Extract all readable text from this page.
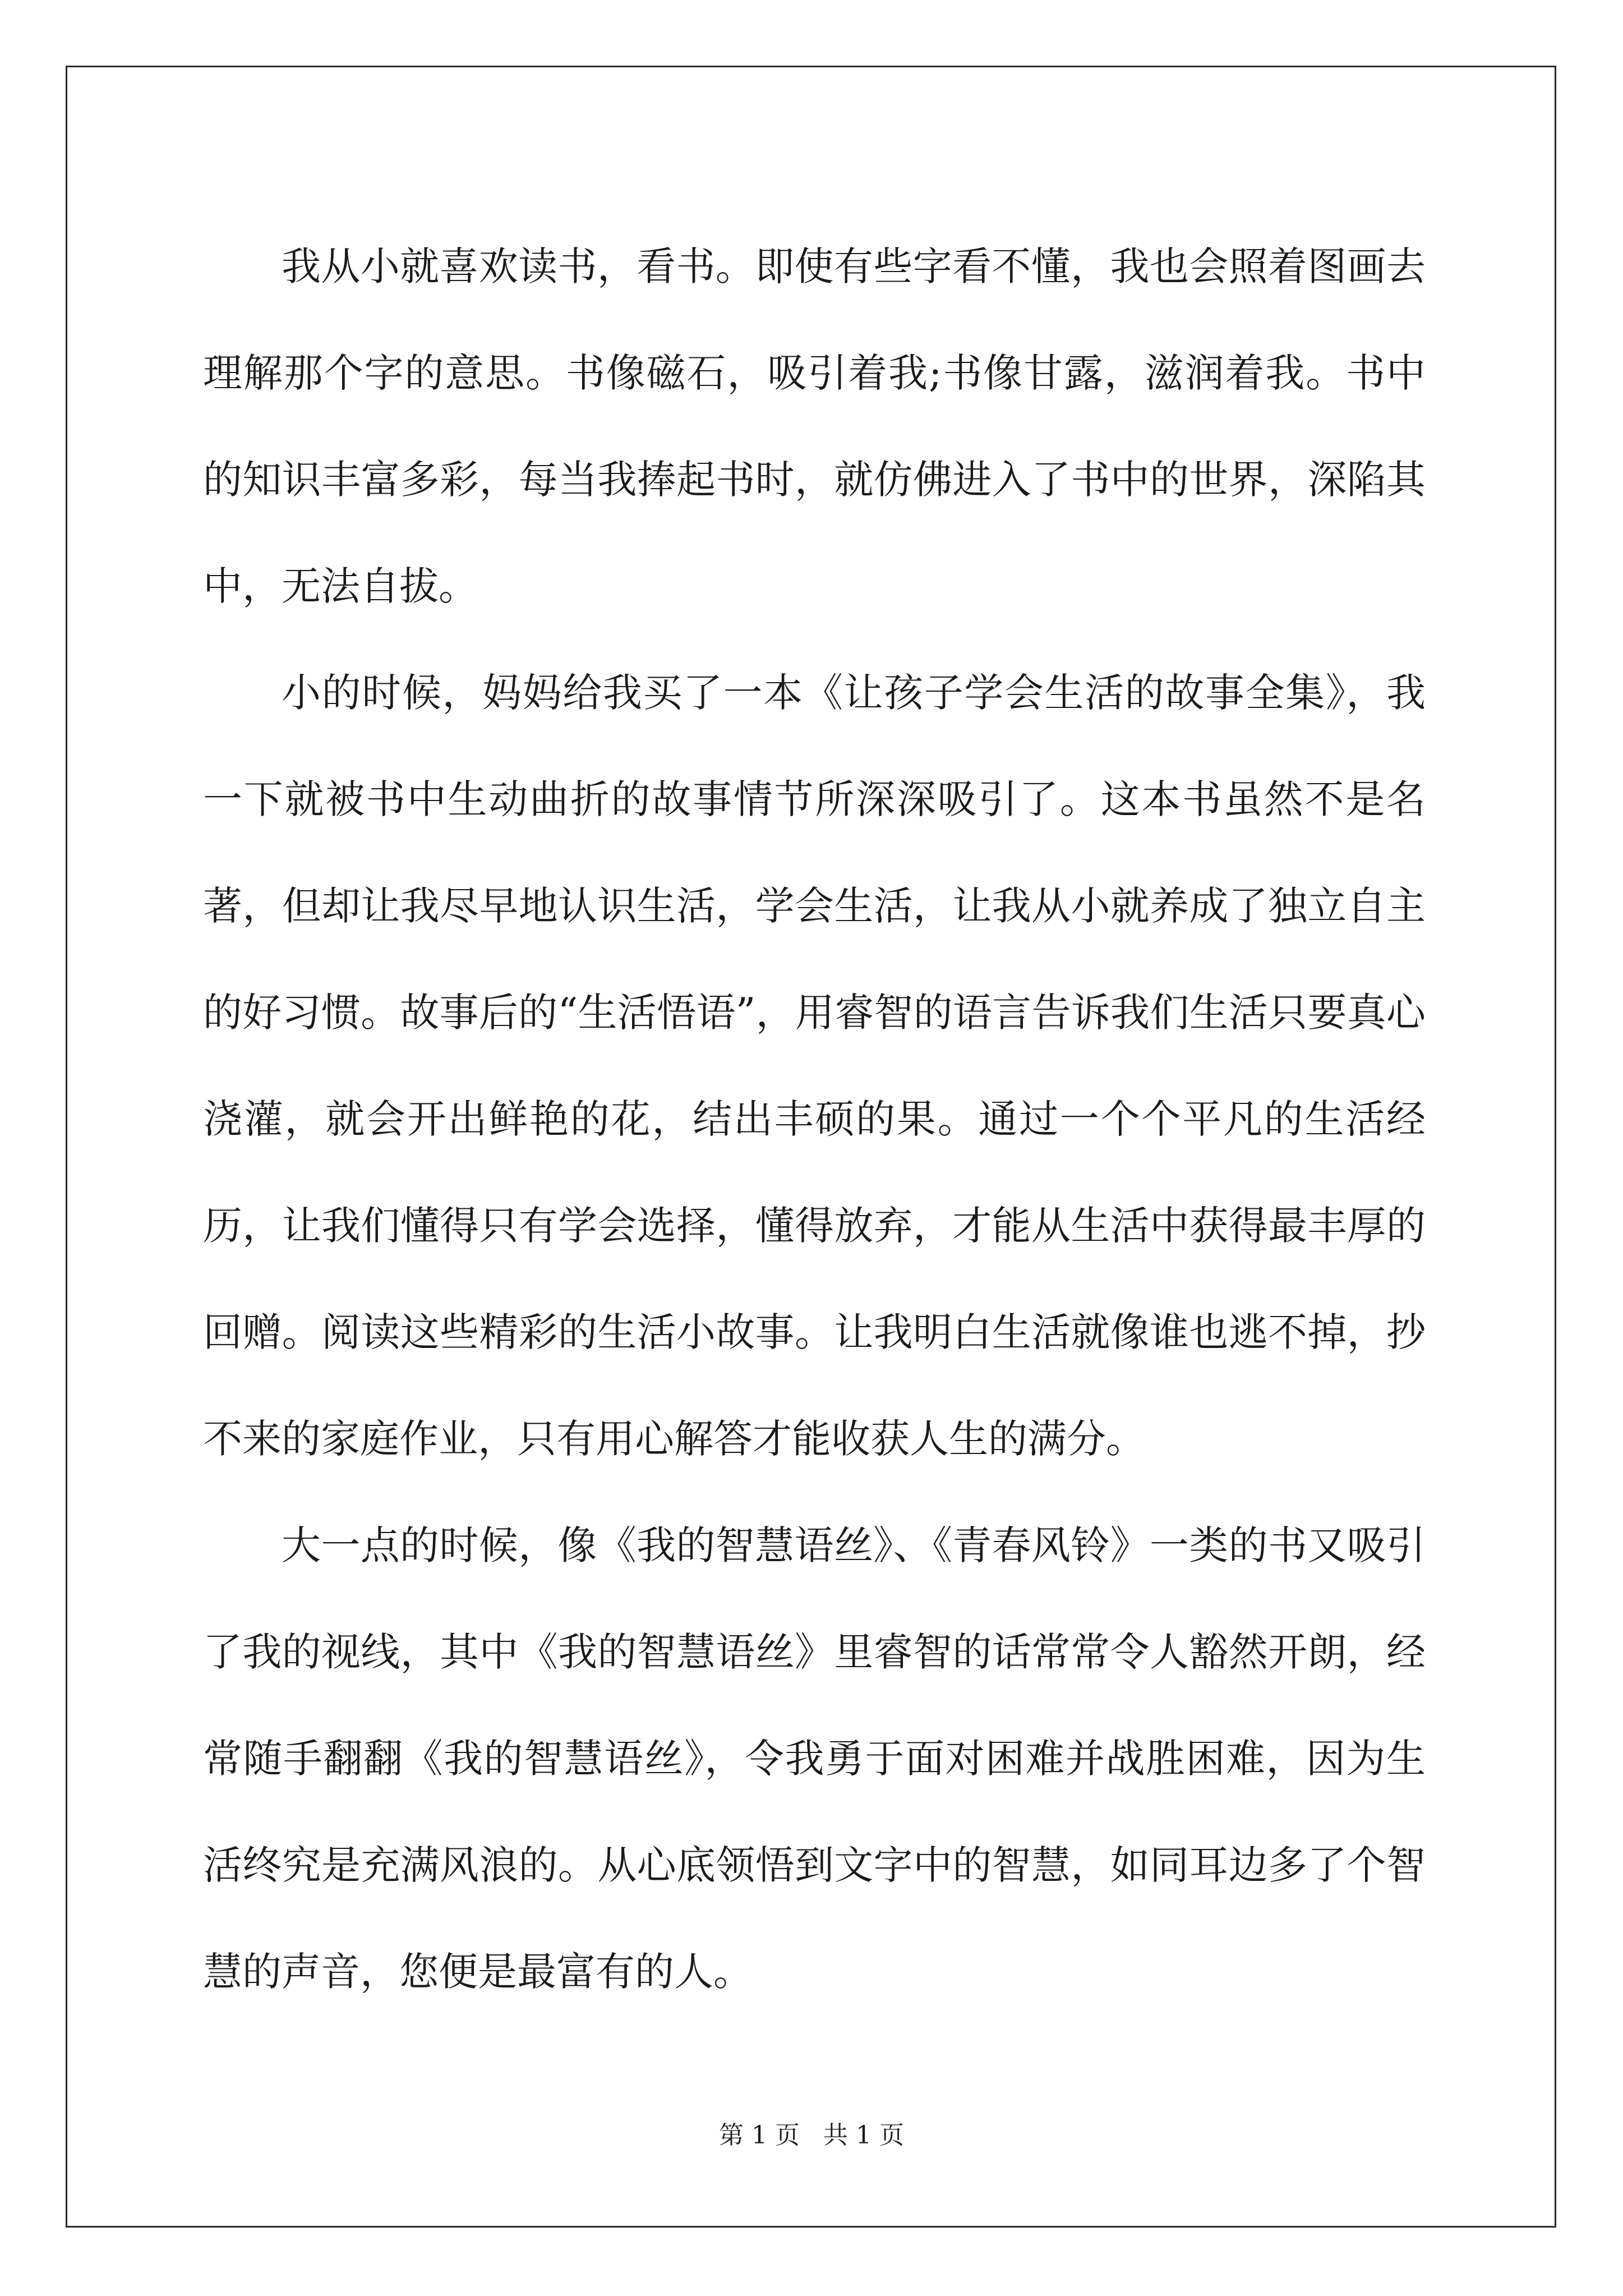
我从小就喜欢读书，看书。即使有些字看不懂，我也会照着图画去理解那个字的意思。书像磁石，吸引着我;书像甘露，滋润着我。书中的知识丰富多彩，每当我捧起书时，就仿佛进入了书中的世界，深陷其中，无法自拔。

小的时候，妈妈给我买了一本《让孩子学会生活的故事全集》，我一下就被书中生动曲折的故事情节所深深吸引了。这本书虽然不是名著，但却让我尽早地认识生活，学会生活，让我从小就养成了独立自主的好习惯。故事后的“生活悟语”，用睿智的语言告诉我们生活只要真心浇灌，就会开出鲜艳的花，结出丰硕的果。通过一个个平凡的生活经历，让我们懂得只有学会选择，懂得放弃，才能从生活中获得最丰厚的回赠。阅读这些精彩的生活小故事。让我明白生活就像谁也逃不掉，抄不来的家庭作业，只有用心解答才能收获人生的满分。

大一点的时候，像《我的智慧语丝》、《青春风铃》一类的书又吸引了我的视线，其中《我的智慧语丝》里睿智的话常常令人豁然开朗，经常随手翻翻《我的智慧语丝》，令我勇于面对困难并战胜困难，因为生活终究是充满风浪的。从心底领悟到文字中的智慧，如同耳边多了个智慧的声音，您便是最富有的人。

第 1 页   共 1 页
